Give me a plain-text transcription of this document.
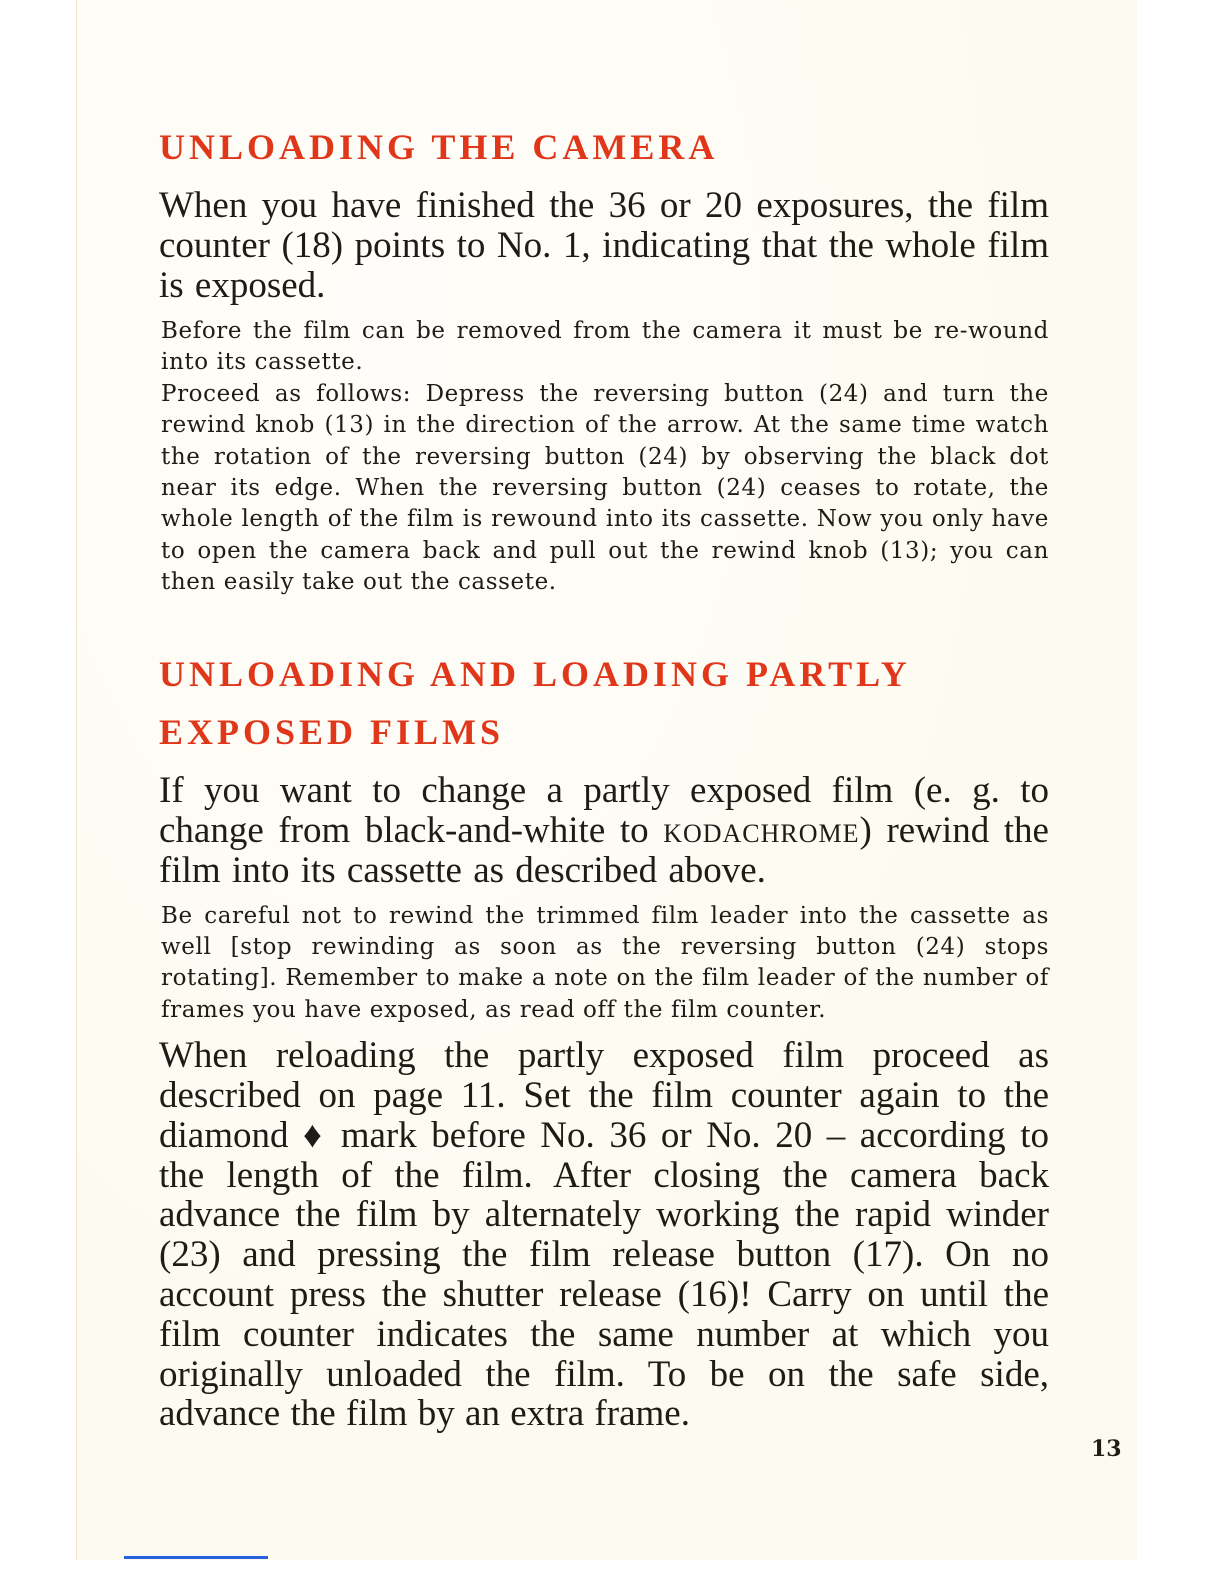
UNLOADING THE CAMERA

When you have finished the 36 or 20 exposures, the film counter (18) points to No. 1, indicating that the whole film is exposed.

Before the film can be removed from the camera it must be re-wound into its cassette.

Proceed as follows: Depress the reversing button (24) and turn the rewind knob (13) in the direction of the arrow. At the same time watch the rotation of the reversing button (24) by observing the black dot near its edge. When the reversing button (24) ceases to rotate, the whole length of the film is rewound into its cassette. Now you only have to open the camera back and pull out the rewind knob (13); you can then easily take out the cassete.

UNLOADING AND LOADING PARTLY
EXPOSED FILMS

If you want to change a partly exposed film (e. g. to change from black-and-white to kodachrome) rewind the film into its cassette as described above.

Be careful not to rewind the trimmed film leader into the cassette as well [stop rewinding as soon as the reversing button (24) stops rotating]. Remember to make a note on the film leader of the number of frames you have exposed, as read off the film counter.

When reloading the partly exposed film proceed as described on page 11. Set the film counter again to the diamond ♦ mark before No. 36 or No. 20 – according to the length of the film. After closing the camera back advance the film by alternately working the rapid winder (23) and pressing the film release button (17). On no account press the shutter release (16)! Carry on until the film counter indicates the same number at which you originally unloaded the film. To be on the safe side, advance the film by an extra frame.

13
